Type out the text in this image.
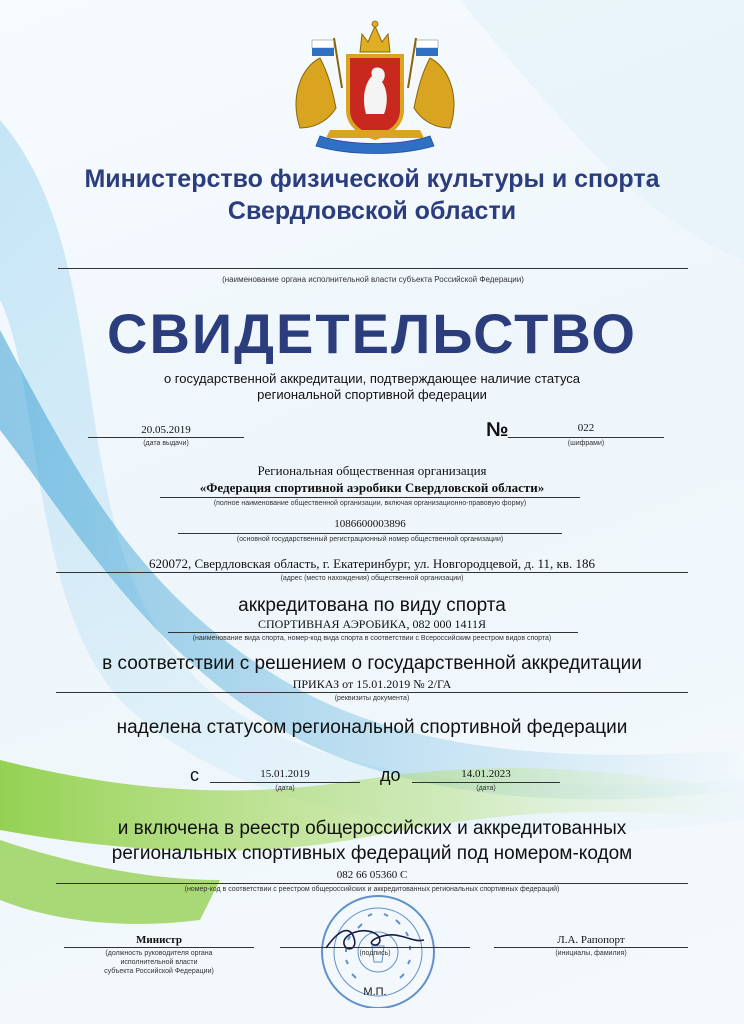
Министерство физической культуры и спорта
Свердловской области
(наименование органа исполнительной власти субъекта Российской Федерации)
СВИДЕТЕЛЬСТВО
о государственной аккредитации, подтверждающее наличие статуса
региональной спортивной федерации
20.05.2019
(дата выдачи)
№	022
(шифрами)
Региональная общественная организация
«Федерация спортивной аэробики Свердловской области»
(полное наименование общественной организации, включая организационно-правовую форму)
1086600003896
(основной государственный регистрационный номер общественной организации)
620072, Свердловская область, г. Екатеринбург, ул. Новгородцевой, д. 11, кв. 186
(адрес (место нахождения) общественной организации)
аккредитована по виду спорта
СПОРТИВНАЯ АЭРОБИКА, 082 000 1411Я
(наименование вида спорта, номер-код вида спорта в соответствии с Всероссийским реестром видов спорта)
в соответствии с решением о государственной аккредитации
ПРИКАЗ от 15.01.2019 № 2/ГА
(реквизиты документа)
наделена статусом региональной спортивной федерации
с	15.01.2019
(дата)
до	14.01.2023
(дата)
и включена в реестр общероссийских и аккредитованных
региональных спортивных федераций под номером-кодом
082 66 05360 С
(номер-код в соответствии с реестром общероссийских и аккредитованных региональных спортивных федераций)
Министр
(должность руководителя органа
исполнительной власти
субъекта Российской Федерации)
(подпись)
Л.А. Рапопорт
(инициалы, фамилия)
М.П.
